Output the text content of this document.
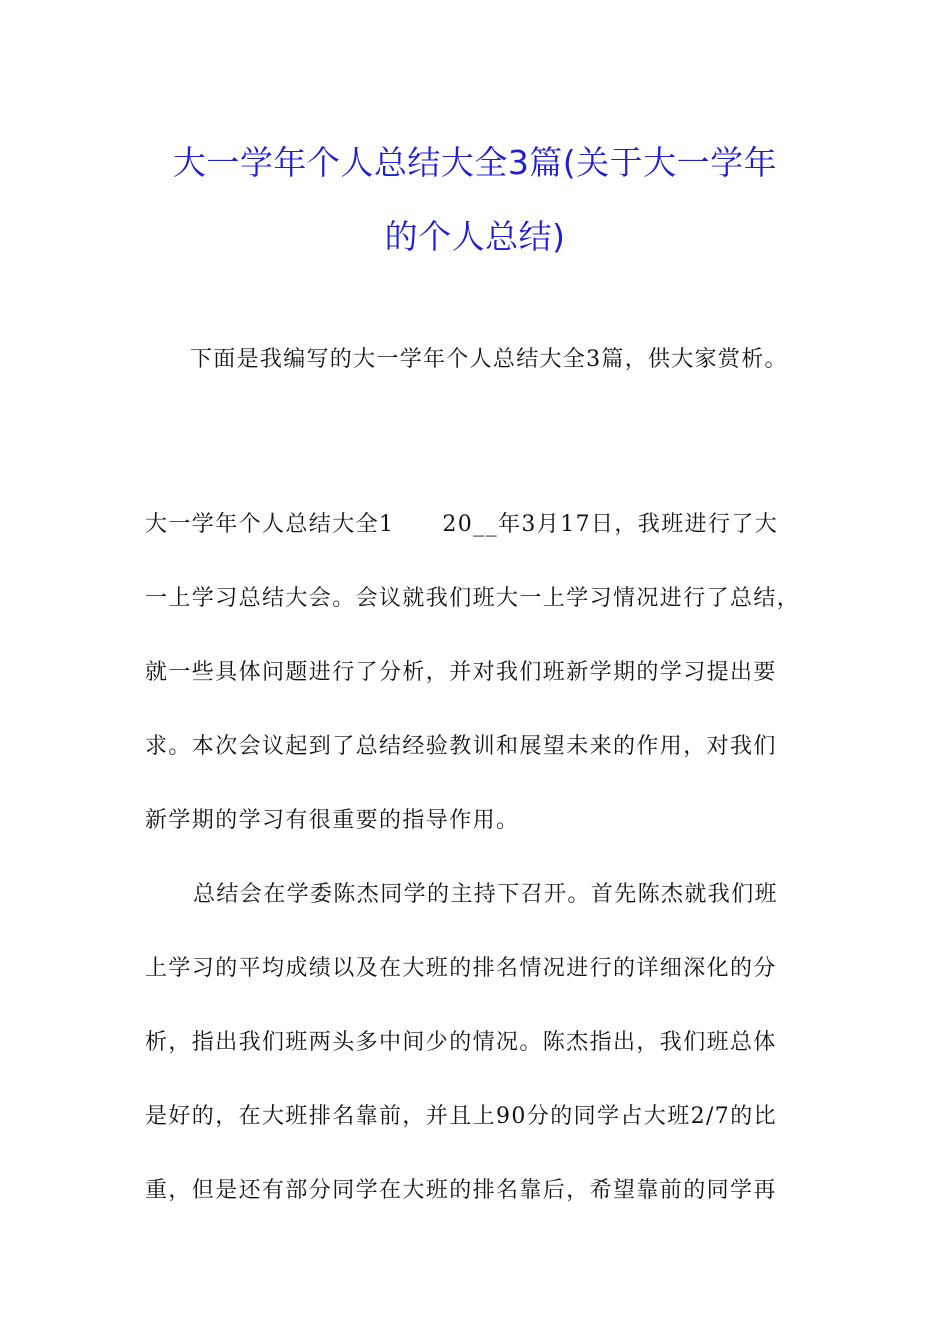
大一学年个人总结大全3篇(关于大一学年
的个人总结)
下面是我编写的大一学年个人总结大全3篇，供大家赏析。
大一学年个人总结大全1 20__年3月17日，我班进行了大
一上学习总结大会。会议就我们班大一上学习情况进行了总结，
就一些具体问题进行了分析，并对我们班新学期的学习提出要
求。本次会议起到了总结经验教训和展望未来的作用，对我们
新学期的学习有很重要的指导作用。
总结会在学委陈杰同学的主持下召开。首先陈杰就我们班
上学习的平均成绩以及在大班的排名情况进行的详细深化的分
析，指出我们班两头多中间少的情况。陈杰指出，我们班总体
是好的，在大班排名靠前，并且上90分的同学占大班2/7的比
重，但是还有部分同学在大班的排名靠后，希望靠前的同学再
